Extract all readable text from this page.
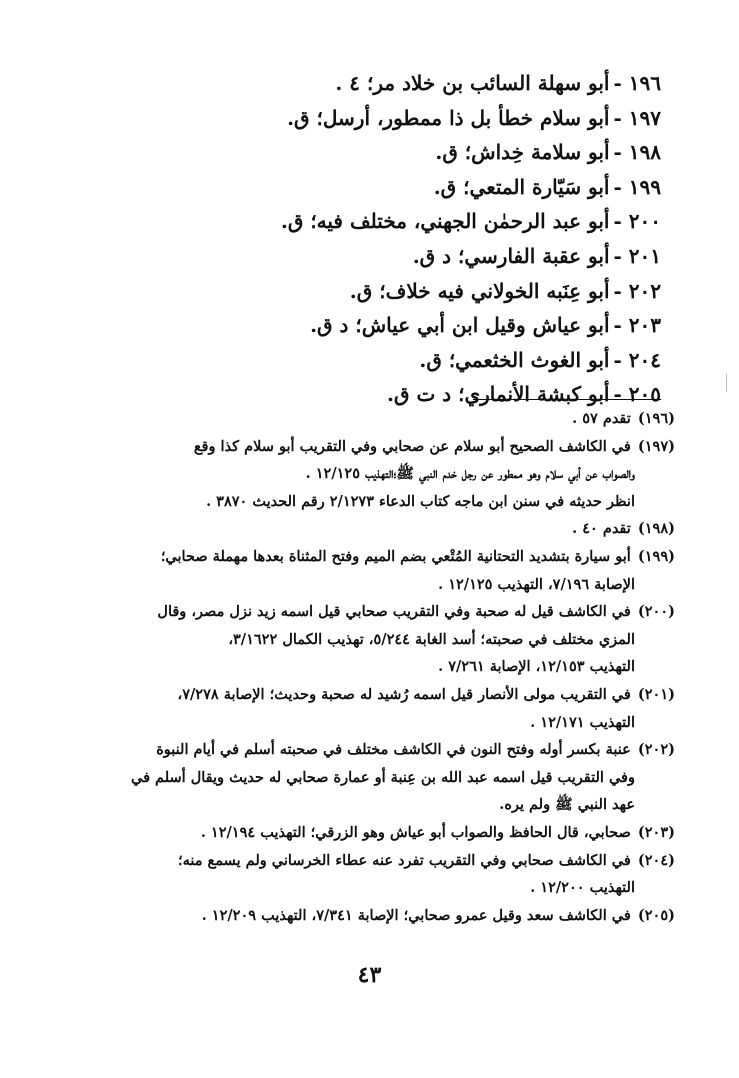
١٩٦ -أبو سهلة السائب بن خلاد مر؛ ٤ .
١٩٧ -أبو سلام خطأ بل ذا ممطور، أرسل؛ ق.
١٩٨ -أبو سلامة خِداش؛ ق.
١٩٩ -أبو سَيّارة المتعي؛ ق.
٢٠٠ -أبو عبد الرحمٰن الجهني، مختلف فيه؛ ق.
٢٠١ -أبو عقبة الفارسي؛ د ق.
٢٠٢ -أبو عِنَبه الخولاني فيه خلاف؛ ق.
٢٠٣ -أبو عياش وقيل ابن أبي عياش؛ د ق.
٢٠٤ -أبو الغوث الخثعمي؛ ق.
٢٠٥ -أبو كبشة الأنماري؛ د ت ق.
(١٩٦) تقدم ٥٧ .
(١٩٧) في الكاشف الصحيح أبو سلام عن صحابي وفي التقريب أبو سلام كذا وقع
والصواب عن أبي سلام وهو ممطور عن رجل خدم النبي ﷺ؛التهذيب ١٢/١٢٥ .
انظر حديثه في سنن ابن ماجه كتاب الدعاء ٢/١٢٧٣ رقم الحديث ٣٨٧٠ .
(١٩٨) تقدم ٤٠ .
(١٩٩) أبو سيارة بتشديد التحتانية المُتْعي بضم الميم وفتح المثناة بعدها مهملة صحابي؛
الإصابة ٧/١٩٦، التهذيب ١٢/١٢٥ .
(٢٠٠) في الكاشف قيل له صحبة وفي التقريب صحابي قيل اسمه زيد نزل مصر، وقال
المزي مختلف في صحبته؛ أسد الغابة ٥/٢٤٤، تهذيب الكمال ٣/١٦٢٢،
التهذيب ١٢/١٥٣، الإصابة ٧/٢٦١ .
(٢٠١) في التقريب مولى الأنصار قيل اسمه رُشيد له صحبة وحديث؛ الإصابة ٧/٢٧٨،
التهذيب ١٢/١٧١ .
(٢٠٢) عنبة بكسر أوله وفتح النون في الكاشف مختلف في صحبته أسلم في أيام النبوة
وفي التقريب قيل اسمه عبد الله بن عِنبة أو عمارة صحابي له حديث ويقال أسلم في
عهد النبي ﷺ ولم يره.
(٢٠٣) صحابي، قال الحافظ والصواب أبو عياش وهو الزرقي؛ التهذيب ١٢/١٩٤ .
(٢٠٤) في الكاشف صحابي وفي التقريب تفرد عنه عطاء الخرساني ولم يسمع منه؛
التهذيب ١٢/٢٠٠ .
(٢٠٥) في الكاشف سعد وقيل عمرو صحابي؛ الإصابة ٧/٣٤١، التهذيب ١٢/٢٠٩ .
٤٣
